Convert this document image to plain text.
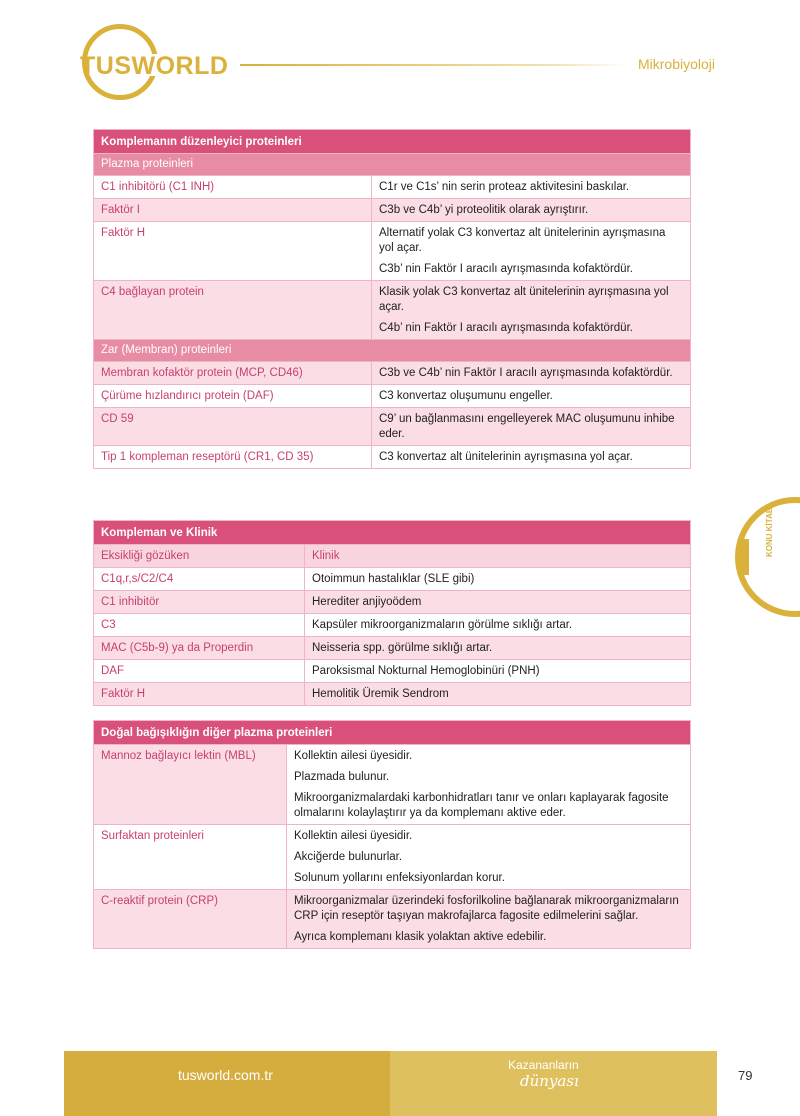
TUSWORLD	Mikrobiyoloji
KONU KİTABI
Komplemanın düzenleyici proteinleri	
Plazma proteinleri	
C1 inhibitörü (C1 INH)	C1r ve C1s’ nin serin proteaz aktivitesini baskılar.

Faktör I	C3b ve C4b’ yi proteolitik olarak ayrıştırır.

Faktör H	Alternatif yolak C3 konvertaz alt ünitelerinin ayrışmasına yol açar.

C3b’ nin Faktör I aracılı ayrışmasında kofaktördür.

C4 bağlayan protein	Klasik yolak C3 konvertaz alt ünitelerinin ayrışmasına yol açar.

C4b’ nin Faktör I aracılı ayrışmasında kofaktördür.

Zar (Membran) proteinleri	
Membran kofaktör protein (MCP, CD46)	C3b ve C4b’ nin Faktör I aracılı ayrışmasında kofaktördür.

Çürüme hızlandırıcı protein (DAF)	C3 konvertaz oluşumunu engeller.

CD 59	C9’ un bağlanmasını engelleyerek MAC oluşumunu inhibe eder.

Tip 1 kompleman reseptörü (CR1, CD 35)	C3 konvertaz alt ünitelerinin ayrışmasına yol açar.

Kompleman ve Klinik	
Eksikliği gözüken	Klinik
C1q,r,s/C2/C4	Otoimmun hastalıklar (SLE gibi)
C1 inhibitör	Herediter anjiyoödem
C3	Kapsüler mikroorganizmaların görülme sıklığı artar.
MAC (C5b-9) ya da Properdin	Neisseria spp. görülme sıklığı artar.
DAF	Paroksismal Nokturnal Hemoglobinüri (PNH)
Faktör H	Hemolitik Üremik Sendrom
Doğal bağışıklığın diğer plazma proteinleri	
Mannoz bağlayıcı lektin (MBL)	Kollektin ailesi üyesidir.

Plazmada bulunur.

Mikroorganizmalardaki karbonhidratları tanır ve onları kaplayarak fagosite olmalarını kolaylaştırır ya da komplemanı aktive eder.

Surfaktan proteinleri	Kollektin ailesi üyesidir.

Akciğerde bulunurlar.

Solunum yollarını enfeksiyonlardan korur.

C-reaktif protein (CRP)	Mikroorganizmalar üzerindeki fosforilkoline bağlanarak mikroorganizmaların CRP için reseptör taşıyan makrofajlarca fagosite edilmelerini sağlar.

Ayrıca komplemanı klasik yolaktan aktive edebilir.

tusworld.com.tr
Kazananların
dünyası	79
